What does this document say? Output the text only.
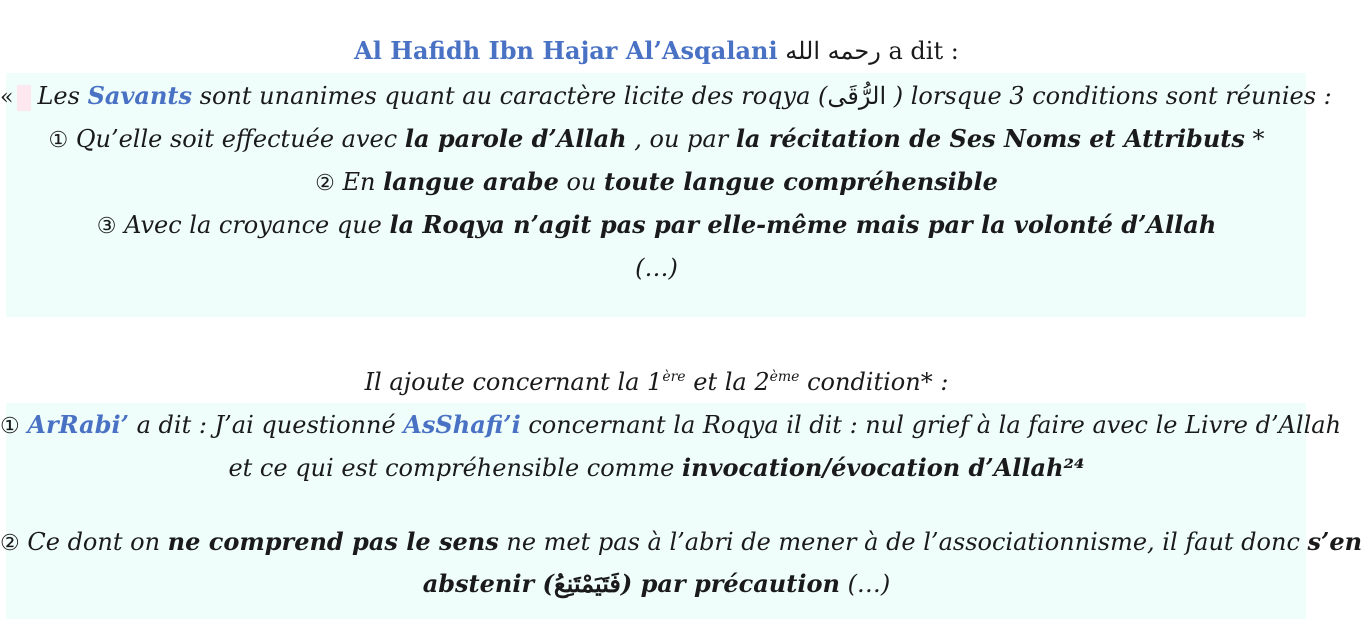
Al Hafidh Ibn Hajar Al’Asqalani رحمه الله a dit :
« Les Savants sont unanimes quant au caractère licite des roqya (الرُّقَى ) lorsque 3 conditions sont réunies :
① Qu’elle soit effectuée avec la parole d’Allah , ou par la récitation de Ses Noms et Attributs *
② En langue arabe ou toute langue compréhensible
③ Avec la croyance que la Roqya n’agit pas par elle-même mais par la volonté d’Allah
(…)
Il ajoute concernant la 1ère et la 2ème condition* :
① ArRabi’ a dit : J’ai questionné AsShafi’i concernant la Roqya il dit : nul grief à la faire avec le Livre d’Allah
et ce qui est compréhensible comme invocation/évocation d’Allah²⁴
② Ce dont on ne comprend pas le sens ne met pas à l’abri de mener à de l’associationnisme, il faut donc s’en
abstenir (فَتَيَمْتَنِعُ) par précaution (…)
